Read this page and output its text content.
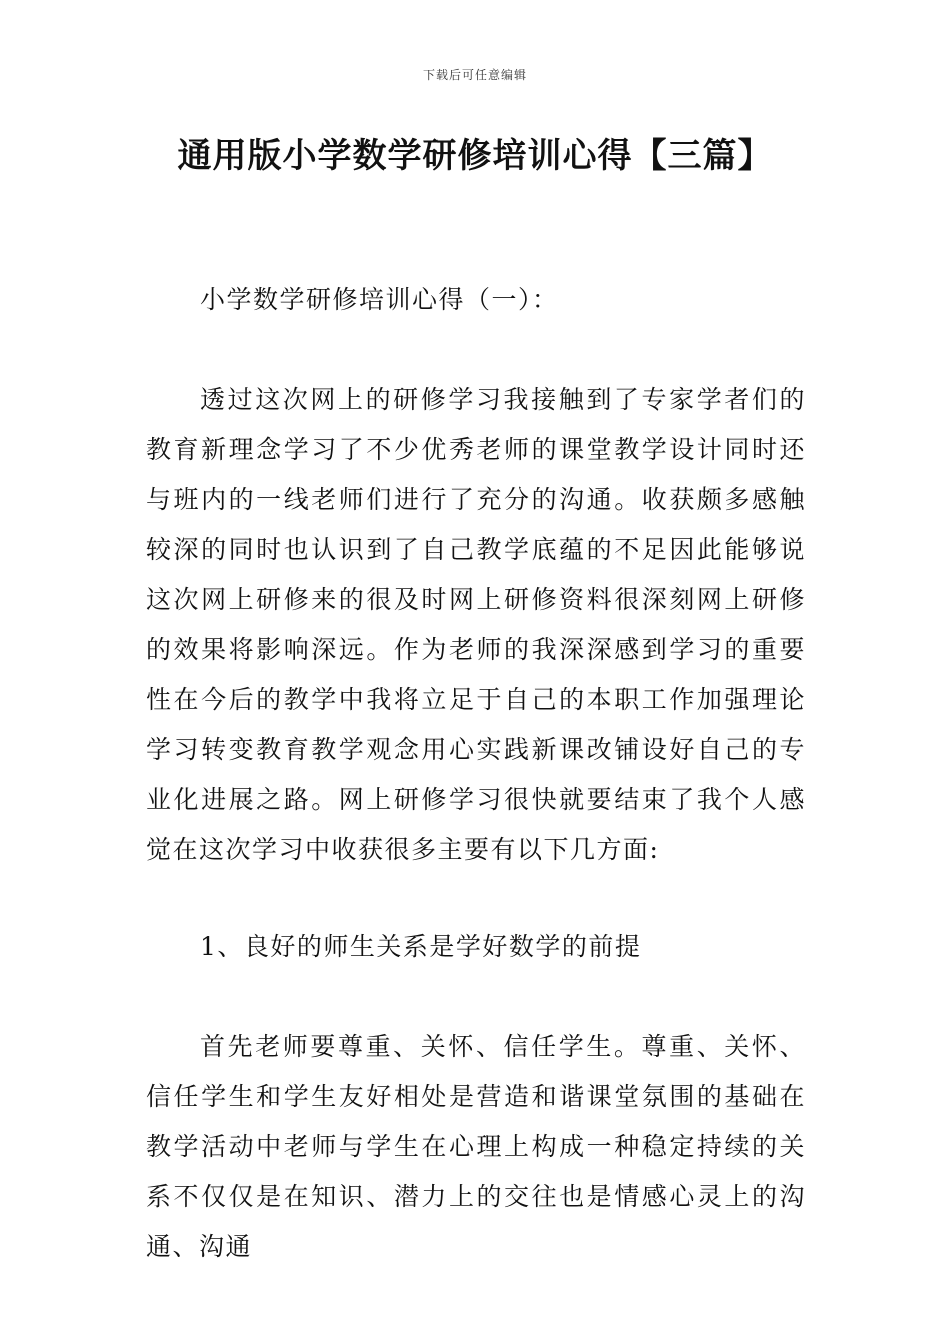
下载后可任意编辑
通用版小学数学研修培训心得【三篇】

小学数学研修培训心得（一）：

透过这次网上的研修学习我接触到了专家学者们的教育新理念学习了不少优秀老师的课堂教学设计同时还与班内的一线老师们进行了充分的沟通。收获颇多感触较深的同时也认识到了自己教学底蕴的不足因此能够说这次网上研修来的很及时网上研修资料很深刻网上研修的效果将影响深远。作为老师的我深深感到学习的重要性在今后的教学中我将立足于自己的本职工作加强理论学习转变教育教学观念用心实践新课改铺设好自己的专业化进展之路。网上研修学习很快就要结束了我个人感觉在这次学习中收获很多主要有以下几方面:

1、良好的师生关系是学好数学的前提

首先老师要尊重、关怀、信任学生。尊重、关怀、信任学生和学生友好相处是营造和谐课堂氛围的基础在教学活动中老师与学生在心理上构成一种稳定持续的关系不仅仅是在知识、潜力上的交往也是情感心灵上的沟通、沟通
